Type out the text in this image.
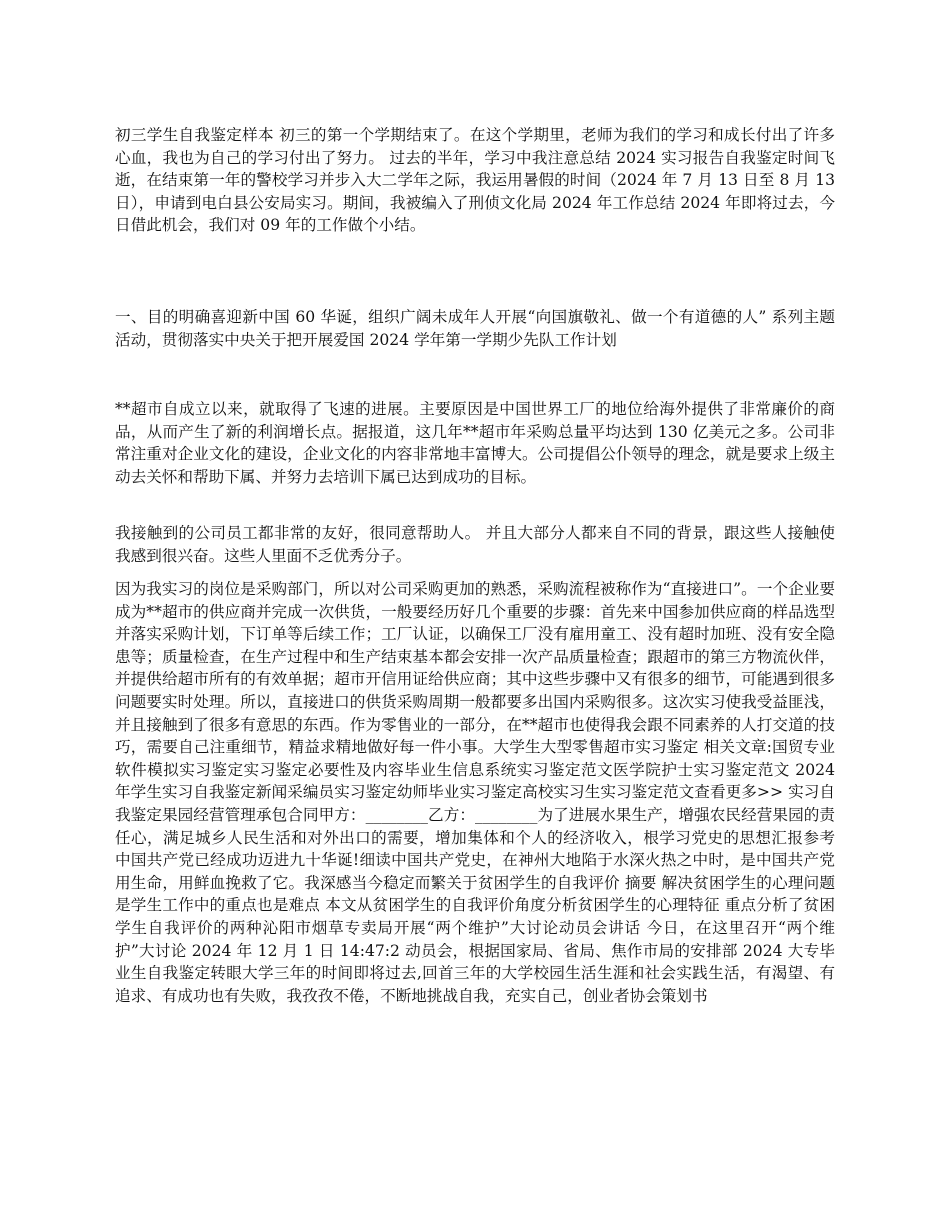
初三学生自我鉴定样本 初三的第一个学期结束了。在这个学期里，老师为我们的学习和成长付出了许多心血，我也为自己的学习付出了努力。 过去的半年，学习中我注意总结 2024 实习报告自我鉴定时间飞逝，在结束第一年的警校学习并步入大二学年之际，我运用暑假的时间（2024 年 7 月 13 日至 8 月 13 日），申请到电白县公安局实习。期间，我被编入了刑侦文化局 2024 年工作总结 2024 年即将过去，今日借此机会，我们对 09 年的工作做个小结。

一、目的明确喜迎新中国 60 华诞，组织广阔未成年人开展“向国旗敬礼、做一个有道德的人” 系列主题活动，贯彻落实中央关于把开展爱国 2024 学年第一学期少先队工作计划

**超市自成立以来，就取得了飞速的进展。主要原因是中国世界工厂的地位给海外提供了非常廉价的商品，从而产生了新的利润增长点。据报道，这几年**超市年采购总量平均达到 130 亿美元之多。公司非常注重对企业文化的建设，企业文化的内容非常地丰富博大。公司提倡公仆领导的理念，就是要求上级主动去关怀和帮助下属、并努力去培训下属已达到成功的目标。

我接触到的公司员工都非常的友好，很同意帮助人。 并且大部分人都来自不同的背景，跟这些人接触使我感到很兴奋。这些人里面不乏优秀分子。

因为我实习的岗位是采购部门，所以对公司采购更加的熟悉，采购流程被称作为“直接进口”。一个企业要成为**超市的供应商并完成一次供货，一般要经历好几个重要的步骤：首先来中国参加供应商的样品选型并落实采购计划，下订单等后续工作；工厂认证，以确保工厂没有雇用童工、没有超时加班、没有安全隐患等；质量检查，在生产过程中和生产结束基本都会安排一次产品质量检查；跟超市的第三方物流伙伴，并提供给超市所有的有效单据；超市开信用证给供应商；其中这些步骤中又有很多的细节，可能遇到很多问题要实时处理。所以，直接进口的供货采购周期一般都要多出国内采购很多。这次实习使我受益匪浅，并且接触到了很多有意思的东西。作为零售业的一部分，在**超市也使得我会跟不同素养的人打交道的技巧，需要自己注重细节，精益求精地做好每一件小事。大学生大型零售超市实习鉴定 相关文章:国贸专业软件模拟实习鉴定实习鉴定必要性及内容毕业生信息系统实习鉴定范文医学院护士实习鉴定范文 2024 年学生实习自我鉴定新闻采编员实习鉴定幼师毕业实习鉴定高校实习生实习鉴定范文查看更多>> 实习自我鉴定果园经营管理承包合同甲方：________乙方：________为了进展水果生产，增强农民经营果园的责任心，满足城乡人民生活和对外出口的需要，增加集体和个人的经济收入，根学习党史的思想汇报参考 中国共产党已经成功迈进九十华诞!细读中国共产党史，在神州大地陷于水深火热之中时，是中国共产党用生命，用鲜血挽救了它。我深感当今稳定而繁关于贫困学生的自我评价 摘要 解决贫困学生的心理问题是学生工作中的重点也是难点 本文从贫困学生的自我评价角度分析贫困学生的心理特征 重点分析了贫困学生自我评价的两种沁阳市烟草专卖局开展“两个维护”大讨论动员会讲话 今日，在这里召开“两个维护”大讨论 2024 年 12 月 1 日 14:47:2 动员会，根据国家局、省局、焦作市局的安排部 2024 大专毕业生自我鉴定转眼大学三年的时间即将过去,回首三年的大学校园生活生涯和社会实践生活，有渴望、有追求、有成功也有失败，我孜孜不倦，不断地挑战自我，充实自己，创业者协会策划书
